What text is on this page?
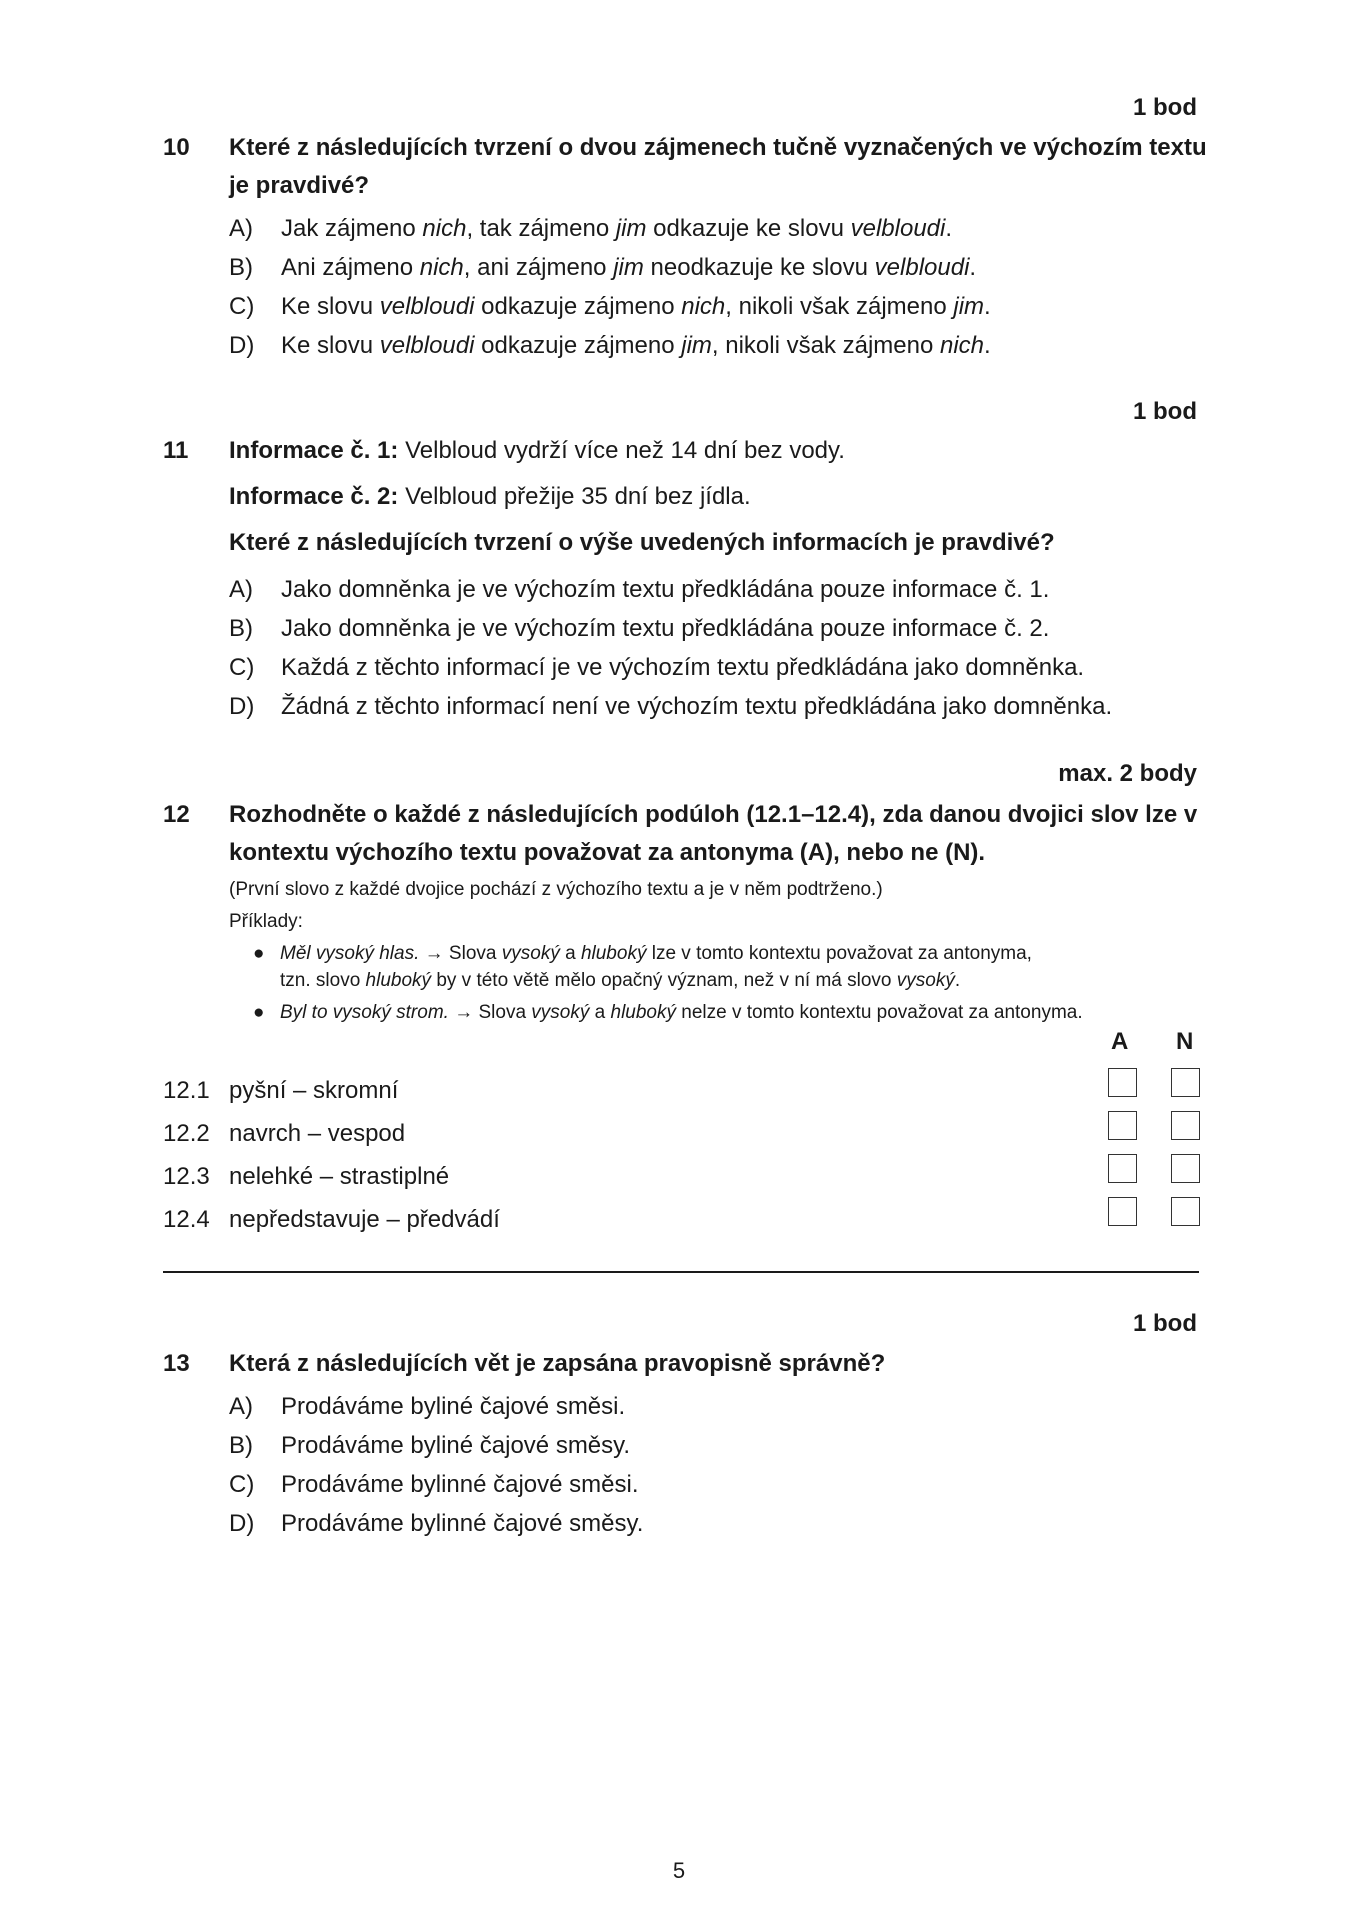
1 bod
10 Které z následujících tvrzení o dvou zájmenech tučně vyznačených ve výchozím textu je pravdivé?
A) Jak zájmeno nich, tak zájmeno jim odkazuje ke slovu velbloudi.
B) Ani zájmeno nich, ani zájmeno jim neodkazuje ke slovu velbloudi.
C) Ke slovu velbloudi odkazuje zájmeno nich, nikoli však zájmeno jim.
D) Ke slovu velbloudi odkazuje zájmeno jim, nikoli však zájmeno nich.
1 bod
11 Informace č. 1: Velbloud vydrží více než 14 dní bez vody.
Informace č. 2: Velbloud přežije 35 dní bez jídla.
Které z následujících tvrzení o výše uvedených informacích je pravdivé?
A) Jako domněnka je ve výchozím textu předkládána pouze informace č. 1.
B) Jako domněnka je ve výchozím textu předkládána pouze informace č. 2.
C) Každá z těchto informací je ve výchozím textu předkládána jako domněnka.
D) Žádná z těchto informací není ve výchozím textu předkládána jako domněnka.
max. 2 body
12 Rozhodněte o každé z následujících podúloh (12.1–12.4), zda danou dvojici slov lze v kontextu výchozího textu považovat za antonyma (A), nebo ne (N).
(První slovo z každé dvojice pochází z výchozího textu a je v něm podtrženo.)
Příklady:
● Měl vysoký hlas. → Slova vysoký a hluboký lze v tomto kontextu považovat za antonyma,
tzn. slovo hluboký by v této větě mělo opačný význam, než v ní má slovo vysoký.
● Byl to vysoký strom. → Slova vysoký a hluboký nelze v tomto kontextu považovat za antonyma.
A N
12.1 pyšní – skromní
12.2 navrch – vespod
12.3 nelehké – strastiplné
12.4 nepředstavuje – předvádí
1 bod
13 Která z následujících vět je zapsána pravopisně správně?
A) Prodáváme byliné čajové směsi.
B) Prodáváme byliné čajové směsy.
C) Prodáváme bylinné čajové směsi.
D) Prodáváme bylinné čajové směsy.
5
